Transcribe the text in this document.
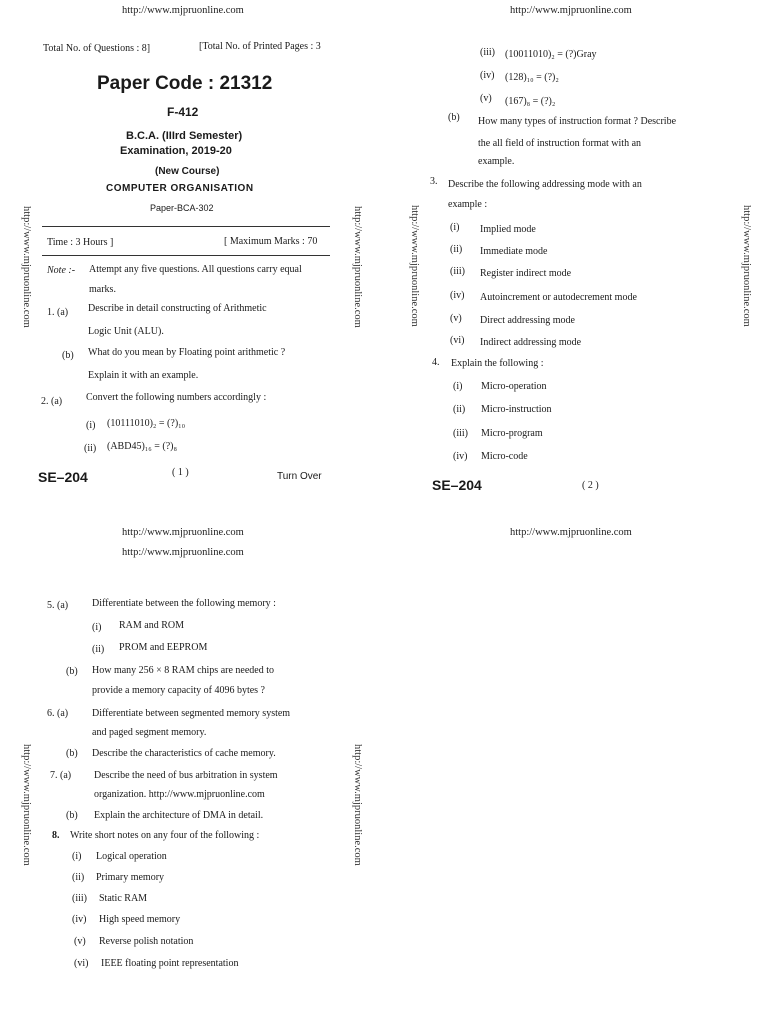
http://www.mjpruonline.com	http://www.mjpruonline.com
http://www.mjpruonline.com	http://www.mjpruonline.com	http://www.mjpruonline.com	http://www.mjpruonline.com
http://www.mjpruonline.com	http://www.mjpruonline.com
Total No. of Questions : 8]	[Total No. of Printed Pages : 3
Paper Code : 21312
F-412
B.C.A. (IIIrd Semester)
Examination, 2019-20
(New Course)
COMPUTER ORGANISATION
Paper-BCA-302
Time : 3 Hours ]	[ Maximum Marks : 70
Note :- Attempt any five questions. All questions carry equal
marks.
1. (a) Describe in detail constructing of Arithmetic
Logic Unit (ALU).
(b) What do you mean by Floating point arithmetic ?
Explain it with an example.
2. (a) Convert the following numbers accordingly :
(i) (10111010)₂ = (?)₁₀
(ii) (ABD45)₁₆ = (?)₈
SE–204	( 1 )	Turn Over
(iii) (10011010)₂ = (?)Gray
(iv) (128)₁₀ = (?)₂
(v) (167)₈ = (?)₂
(b) How many types of instruction format ? Describe
the all field of instruction format with an
example.
3. Describe the following addressing mode with an
example :
(i) Implied mode
(ii) Immediate mode
(iii) Register indirect mode
(iv) Autoincrement or autodecrement mode
(v) Direct addressing mode
(vi) Indirect addressing mode
4. Explain the following :
(i) Micro-operation
(ii) Micro-instruction
(iii) Micro-program
(iv) Micro-code
SE–204	( 2 )
http://www.mjpruonline.com
http://www.mjpruonline.com
http://www.mjpruonline.com
5. (a) Differentiate between the following memory :
(i) RAM and ROM
(ii) PROM and EEPROM
(b) How many 256 × 8 RAM chips are needed to
provide a memory capacity of 4096 bytes ?
6. (a) Differentiate between segmented memory system
and paged segment memory.
(b) Describe the characteristics of cache memory.
7. (a) Describe the need of bus arbitration in system
organization. http://www.mjpruonline.com
(b) Explain the architecture of DMA in detail.
8. Write short notes on any four of the following :
(i) Logical operation
(ii) Primary memory
(iii) Static RAM
(iv) High speed memory
(v) Reverse polish notation
(vi) IEEE floating point representation
